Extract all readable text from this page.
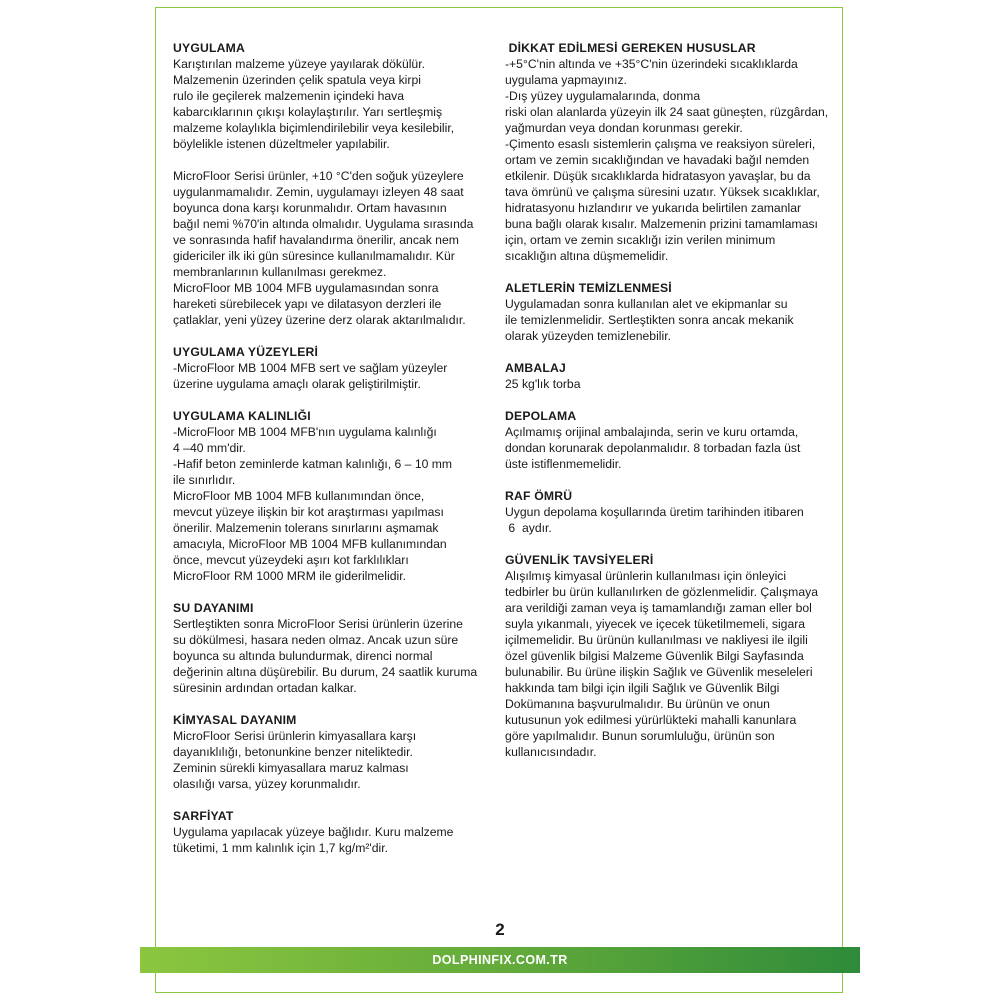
UYGULAMA

Karıştırılan malzeme yüzeye yayılarak dökülür.
Malzemenin üzerinden çelik spatula veya kirpi
rulo ile geçilerek malzemenin içindeki hava
kabarcıklarının çıkışı kolaylaştırılır. Yarı sertleşmiş
malzeme kolaylıkla biçimlendirilebilir veya kesilebilir,
böylelikle istenen düzeltmeler yapılabilir.

MicroFloor Serisi ürünler, +10 °C'den soğuk yüzeylere
uygulanmamalıdır. Zemin, uygulamayı izleyen 48 saat
boyunca dona karşı korunmalıdır. Ortam havasının
bağıl nemi %70'in altında olmalıdır. Uygulama sırasında
ve sonrasında hafif havalandırma önerilir, ancak nem
gidericiler ilk iki gün süresince kullanılmamalıdır. Kür
membranlarının kullanılması gerekmez.
MicroFloor MB 1004 MFB uygulamasından sonra
hareketi sürebilecek yapı ve dilatasyon derzleri ile
çatlaklar, yeni yüzey üzerine derz olarak aktarılmalıdır.

UYGULAMA YÜZEYLERİ

-MicroFloor MB 1004 MFB sert ve sağlam yüzeyler
üzerine uygulama amaçlı olarak geliştirilmiştir.

UYGULAMA KALINLIĞI

-MicroFloor MB 1004 MFB'nın uygulama kalınlığı
4 –40 mm'dir.
-Hafif beton zeminlerde katman kalınlığı, 6 – 10 mm
ile sınırlıdır.
MicroFloor MB 1004 MFB kullanımından önce,
mevcut yüzeye ilişkin bir kot araştırması yapılması
önerilir. Malzemenin tolerans sınırlarını aşmamak
amacıyla, MicroFloor MB 1004 MFB kullanımından
önce, mevcut yüzeydeki aşırı kot farklılıkları
MicroFloor RM 1000 MRM ile giderilmelidir.

SU DAYANIMI

Sertleştikten sonra MicroFloor Serisi ürünlerin üzerine
su dökülmesi, hasara neden olmaz. Ancak uzun süre
boyunca su altında bulundurmak, direnci normal
değerinin altına düşürebilir. Bu durum, 24 saatlik kuruma
süresinin ardından ortadan kalkar.

KİMYASAL DAYANIM

MicroFloor Serisi ürünlerin kimyasallara karşı
dayanıklılığı, betonunkine benzer niteliktedir.
Zeminin sürekli kimyasallara maruz kalması
olasılığı varsa, yüzey korunmalıdır.

SARFİYAT

Uygulama yapılacak yüzeye bağlıdır. Kuru malzeme
tüketimi, 1 mm kalınlık için 1,7 kg/m²'dir.

DİKKAT EDİLMESİ GEREKEN HUSUSLAR

-+5°C'nin altında ve +35°C'nin üzerindeki sıcaklıklarda
uygulama yapmayınız.
-Dış yüzey uygulamalarında, donma
riski olan alanlarda yüzeyin ilk 24 saat güneşten, rüzgârdan,
yağmurdan veya dondan korunması gerekir.
-Çimento esaslı sistemlerin çalışma ve reaksiyon süreleri,
ortam ve zemin sıcaklığından ve havadaki bağıl nemden
etkilenir. Düşük sıcaklıklarda hidratasyon yavaşlar, bu da
tava ömrünü ve çalışma süresini uzatır. Yüksek sıcaklıklar,
hidratasyonu hızlandırır ve yukarıda belirtilen zamanlar
buna bağlı olarak kısalır. Malzemenin prizini tamamlaması
için, ortam ve zemin sıcaklığı izin verilen minimum
sıcaklığın altına düşmemelidir.

ALETLERİN TEMİZLENMESİ

Uygulamadan sonra kullanılan alet ve ekipmanlar su
ile temizlenmelidir. Sertleştikten sonra ancak mekanik
olarak yüzeyden temizlenebilir.

AMBALAJ

25 kg'lık torba

DEPOLAMA

Açılmamış orijinal ambalajında, serin ve kuru ortamda,
dondan korunarak depolanmalıdır. 8 torbadan fazla üst
üste istiflenmemelidir.

RAF ÖMRÜ

Uygun depolama koşullarında üretim tarihinden itibaren
6  aydır.

GÜVENLİK TAVSİYELERİ

Alışılmış kimyasal ürünlerin kullanılması için önleyici
tedbirler bu ürün kullanılırken de gözlenmelidir. Çalışmaya
ara verildiği zaman veya iş tamamlandığı zaman eller bol
suyla yıkanmalı, yiyecek ve içecek tüketilmemeli, sigara
içilmemelidir. Bu ürünün kullanılması ve nakliyesi ile ilgili
özel güvenlik bilgisi Malzeme Güvenlik Bilgi Sayfasında
bulunabilir. Bu ürüne ilişkin Sağlık ve Güvenlik meseleleri
hakkında tam bilgi için ilgili Sağlık ve Güvenlik Bilgi
Dokümanına başvurulmalıdır. Bu ürünün ve onun
kutusunun yok edilmesi yürürlükteki mahalli kanunlara
göre yapılmalıdır. Bunun sorumluluğu, ürünün son
kullanıcısındadır.

2
DOLPHINFIX.COM.TR
